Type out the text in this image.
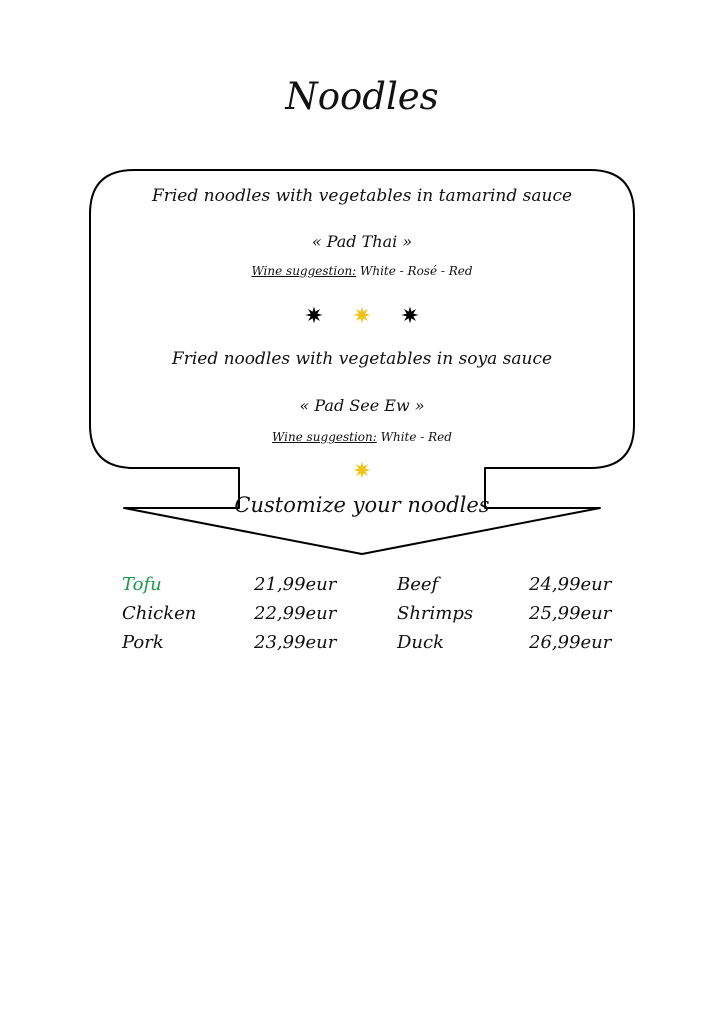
Noodles
Fried noodles with vegetables in tamarind sauce
« Pad Thai »
Wine suggestion: White - Rosé - Red
Fried noodles with vegetables in soya sauce
« Pad See Ew »
Wine suggestion: White - Red
Customize your noodles
Tofu	21,99eur	Beef	24,99eur
Chicken	22,99eur	Shrimps	25,99eur
Pork	23,99eur	Duck	26,99eur
